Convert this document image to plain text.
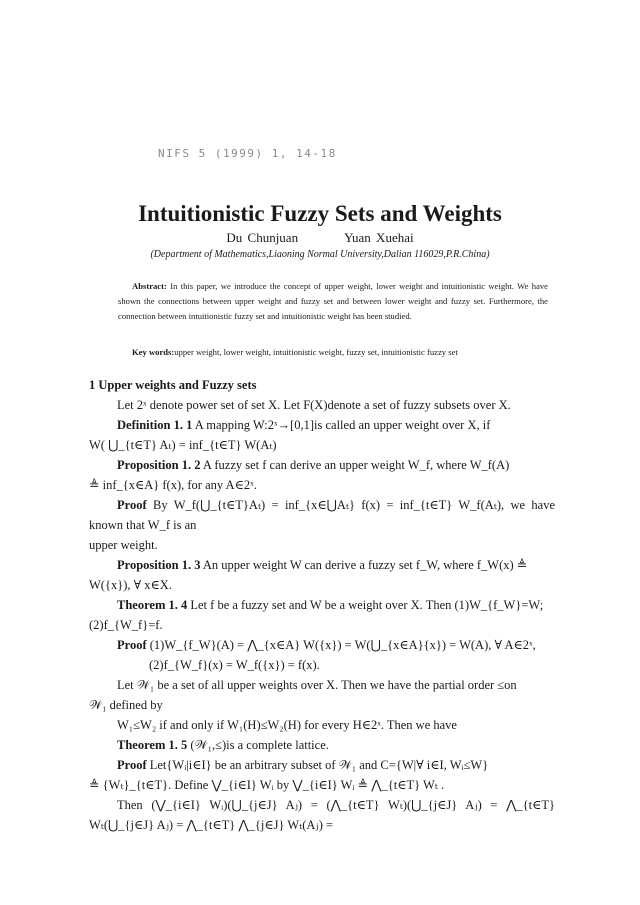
NIFS 5 (1999) 1, 14-18
Intuitionistic Fuzzy Sets and Weights
Du Chunjuan	Yuan Xuehai
(Department of Mathematics,Liaoning Normal University,Dalian 116029,P.R.China)
Abstract: In this paper, we introduce the concept of upper weight, lower weight and intuitionistic weight. We have shown the connections between upper weight and fuzzy set and between lower weight and fuzzy set. Furthermore, the connection between intuitionistic fuzzy set and intuitionistic weight has been studied.
Key words:upper weight, lower weight, intuitionistic weight, fuzzy set, intuitionistic fuzzy set

1 Upper weights and Fuzzy sets

Let 2ˣ denote power set of set X. Let F(X)denote a set of fuzzy subsets over X.

Definition 1. 1 A mapping W:2ˣ→[0,1]is called an upper weight over X, if

W( ⋃_{t∈T} Aₜ) = inf_{t∈T} W(Aₜ)

Proposition 1. 2 A fuzzy set f can derive an upper weight W_f, where W_f(A)

≜ inf_{x∈A} f(x), for any A∈2ˣ.

Proof By W_f(⋃_{t∈T}Aₜ) = inf_{x∈⋃Aₜ} f(x) = inf_{t∈T} W_f(Aₜ), we have known that W_f is an

upper weight.

Proposition 1. 3 An upper weight W can derive a fuzzy set f_W, where f_W(x) ≜

W({x}), ∀ x∈X.

Theorem 1. 4 Let f be a fuzzy set and W be a weight over X. Then (1)W_{f_W}=W;

(2)f_{W_f}=f.

Proof (1)W_{f_W}(A) = ⋀_{x∈A} W({x}) = W(⋃_{x∈A}{x}) = W(A), ∀ A∈2ˣ,

(2)f_{W_f}(x) = W_f({x}) = f(x).

Let 𝒲₁ be a set of all upper weights over X. Then we have the partial order ≤on

𝒲₁ defined by

W₁≤W₂ if and only if W₁(H)≤W₂(H) for every H∈2ˣ. Then we have

Theorem 1. 5 (𝒲₁,≤)is a complete lattice.

Proof Let{Wᵢ|i∈I} be an arbitrary subset of 𝒲₁ and C={W|∀ i∈I, Wᵢ≤W}

≜ {Wₜ}_{t∈T}. Define ⋁_{i∈I} Wᵢ by ⋁_{i∈I} Wᵢ ≜ ⋀_{t∈T} Wₜ .

Then (⋁_{i∈I} Wᵢ)(⋃_{j∈J} Aⱼ) = (⋀_{t∈T} Wₜ)(⋃_{j∈J} Aⱼ) = ⋀_{t∈T} Wₜ(⋃_{j∈J} Aⱼ) = ⋀_{t∈T} ⋀_{j∈J} Wₜ(Aⱼ) =
